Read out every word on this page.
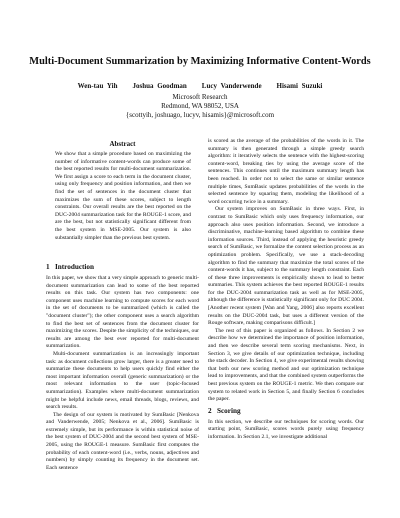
Multi-Document Summarization by Maximizing Informative Content-Words
Wen-tau Yih    Joshua Goodman    Lucy Vanderwende    Hisami Suzuki
Microsoft Research
Redmond, WA 98052, USA
{scottyih, joshuago, lucyv, hisamis}@microsoft.com
Abstract

We show that a simple procedure based on maximizing the number of informative content-words can produce some of the best reported results for multi-document summarization. We first assign a score to each term in the document cluster, using only frequency and position information, and then we find the set of sentences in the document cluster that maximizes the sum of these scores, subject to length constraints. Our overall results are the best reported on the DUC-2004 summarization task for the ROUGE-1 score, and are the best, but not statistically significant different from the best system in MSE-2005. Our system is also substantially simpler than the previous best system.

1   Introduction

In this paper, we show that a very simple approach to generic multi-document summarization can lead to some of the best reported results on this task. Our system has two components: one component uses machine learning to compute scores for each word in the set of documents to be summarized (which is called the "document cluster"); the other component uses a search algorithm to find the best set of sentences from the document cluster for maximizing the scores. Despite the simplicity of the techniques, our results are among the best ever reported for multi-document summarization.

Multi-document summarization is an increasingly important task: as document collections grow larger, there is a greater need to summarize these documents to help users quickly find either the most important information overall (generic summarization) or the most relevant information to the user (topic-focused summarization). Examples where multi-document summarization might be helpful include news, email threads, blogs, reviews, and search results.

The design of our system is motivated by SumBasic [Nenkova and Vanderwende, 2005; Nenkova et al., 2006]. SumBasic is extremely simple, but its performance is within statistical noise of the best system of DUC-2004 and the second best system of MSE-2005, using the ROUGE-1 measure. SumBasic first computes the probability of each content-word (i.e., verbs, nouns, adjectives and numbers) by simply counting its frequency in the document set. Each sentence

is scored as the average of the probabilities of the words in it. The summary is then generated through a simple greedy search algorithm: it iteratively selects the sentence with the highest-scoring content-word, breaking ties by using the average score of the sentences. This continues until the maximum summary length has been reached. In order not to select the same or similar sentence multiple times, SumBasic updates probabilities of the words in the selected sentence by squaring them, modeling the likelihood of a word occurring twice in a summary.

Our system improves on SumBasic in three ways. First, in contrast to SumBasic which only uses frequency information, our approach also uses position information. Second, we introduce a discriminative, machine-learning based algorithm to combine these information sources. Third, instead of applying the heuristic greedy search of SumBasic, we formalize the content selection process as an optimization problem. Specifically, we use a stack-decoding algorithm to find the summary that maximize the total scores of the content-words it has, subject to the summary length constraint. Each of these three improvements is empirically shown to lead to better summaries. This system achieves the best reported ROUGE-1 results for the DUC-2004 summarization task as well as for MSE-2005, although the difference is statistically significant only for DUC 2004. [Another recent system [Wan and Yang, 2006] also reports excellent results on the DUC-2004 task, but uses a different version of the Rouge software, making comparisons difficult.]

The rest of this paper is organized as follows. In Section 2 we describe how we determined the importance of position information, and then we describe several term scoring mechanisms. Next, in Section 3, we give details of our optimization technique, including the stack decoder. In Section 4, we give experimental results showing that both our new scoring method and our optimization technique lead to improvements, and that the combined system outperforms the best previous system on the ROUGE-1 metric. We then compare our system to related work in Section 5, and finally Section 6 concludes the paper.

2   Scoring

In this section, we describe our techniques for scoring words. Our starting point, SumBasic, scores words purely using frequency information. In Section 2.1, we investigate additional
